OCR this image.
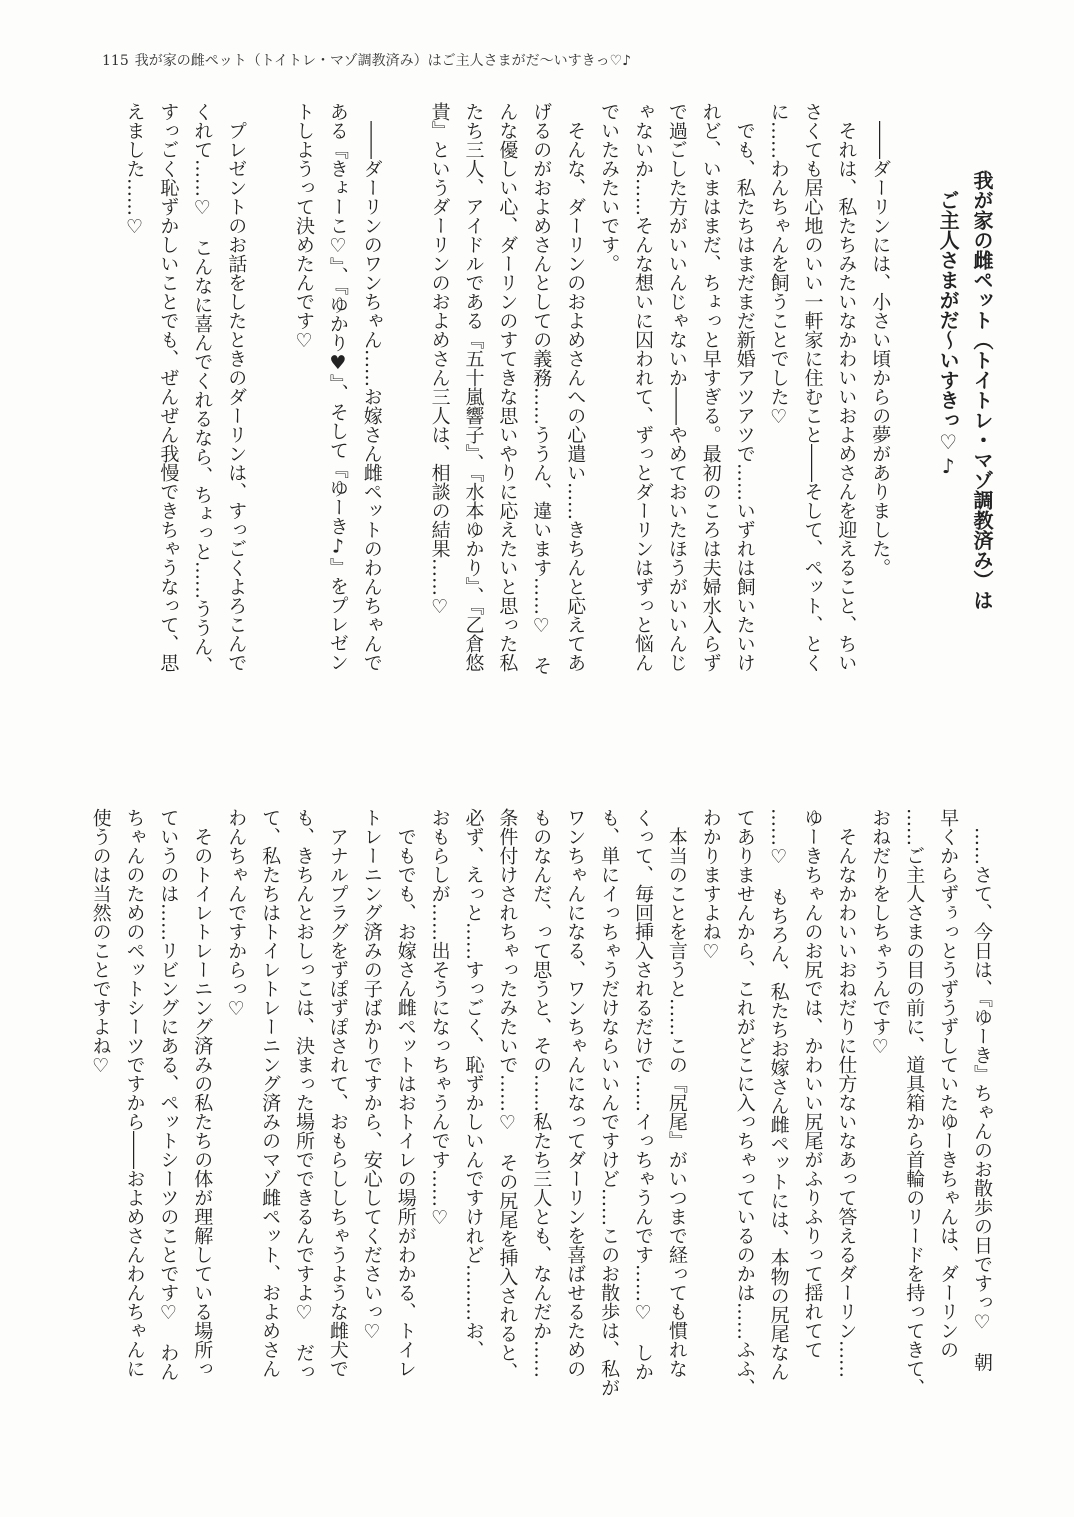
115 我が家の雌ペット（トイトレ・マゾ調教済み）はご主人さまがだ〜いすきっ♡♪
我が家の雌ペット（トイトレ・マゾ調教済み）は
ご主人さまがだ〜いすきっ♡♪
　――ダーリンには、小さい頃からの夢がありました。
　それは、私たちみたいなかわいいおよめさんを迎えること、ちい
さくても居心地のいい一軒家に住むこと――そして、ペット、とく
に……わんちゃんを飼うことでした♡
　でも、私たちはまだまだ新婚アツアツで……いずれは飼いたいけ
れど、いまはまだ、ちょっと早すぎる。最初のころは夫婦水入らず
で過ごした方がいいんじゃないか――やめておいたほうがいいんじ
ゃないか……そんな想いに囚われて、ずっとダーリンはずっと悩ん
でいたみたいです。
　そんな、ダーリンのおよめさんへの心遣い……きちんと応えてあ
げるのがおよめさんとしての義務……ううん、違います……♡　そ
んな優しい心、ダーリンのすてきな思いやりに応えたいと思った私
たち三人、アイドルである『五十嵐響子』、『水本ゆかり』、『乙倉悠
貴』というダーリンのおよめさん三人は、相談の結果……♡
　――ダーリンのワンちゃん……お嫁さん雌ペットのわんちゃんで
ある『きょーこ♡』、『ゆかり♥』、そして『ゆーき♪』をプレゼン
トしようって決めたんです♡
　プレゼントのお話をしたときのダーリンは、すっごくよろこんで
くれて……♡　こんなに喜んでくれるなら、ちょっと……ううん、
すっごく恥ずかしいことでも、ぜんぜん我慢できちゃうなって、思
えました……♡
　……さて、今日は、『ゆーき』ちゃんのお散歩の日ですっ♡　朝
早くからずぅっとうずうずしていたゆーきちゃんは、ダーリンの
……ご主人さまの目の前に、道具箱から首輪のリードを持ってきて、
おねだりをしちゃうんです♡
　そんなかわいいおねだりに仕方ないなあって答えるダーリン……
ゆーきちゃんのお尻では、かわいい尻尾がふりふりって揺れてて
……♡　もちろん、私たちお嫁さん雌ペットには、本物の尻尾なん
てありませんから、これがどこに入っちゃっているのかは……ふふ、
わかりますよね♡
　本当のことを言うと……この『尻尾』がいつまで経っても慣れな
くって、毎回挿入されるだけで……イっちゃうんです……♡　しか
も、単にイっちゃうだけならいいんですけど……このお散歩は、私が
ワンちゃんになる、ワンちゃんになってダーリンを喜ばせるための
ものなんだ、って思うと、その……私たち三人とも、なんだか……
条件付けされちゃったみたいで……♡　その尻尾を挿入されると、
必ず、えっと……すっごく、恥ずかしいんですけれど………お、
おもらしが……出そうになっちゃうんです……♡
　でもでも、お嫁さん雌ペットはおトイレの場所がわかる、トイレ
トレーニング済みの子ばかりですから、安心してくださいっ♡
　アナルプラグをずぽずぽされて、おもらししちゃうような雌犬で
も、きちんとおしっこは、決まった場所でできるんですよ♡　だっ
て、私たちはトイレトレーニング済みのマゾ雌ペット、およめさん
わんちゃんですからっ♡
　そのトイレトレーニング済みの私たちの体が理解している場所っ
ていうのは……リビングにある、ペットシーツのことです♡　わん
ちゃんのためのペットシーツですから――およめさんわんちゃんに
使うのは当然のことですよね♡
